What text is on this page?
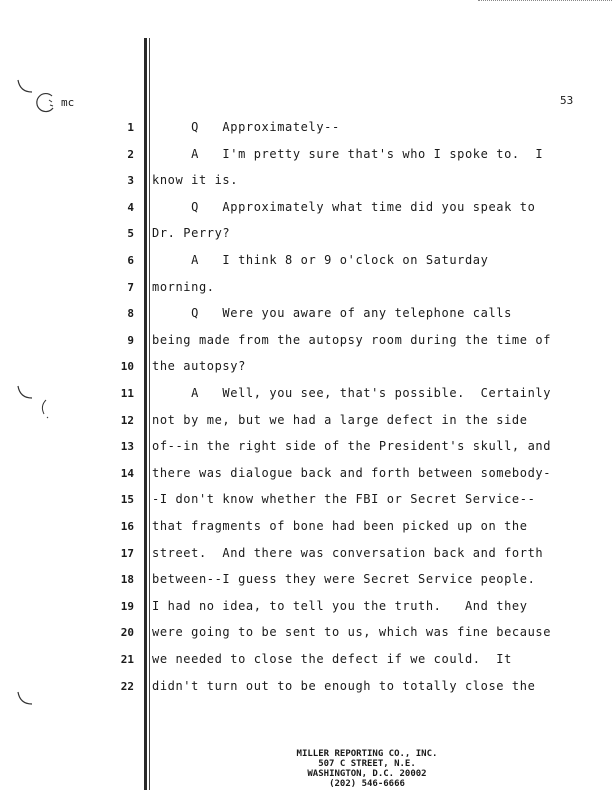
mc	53
1 Q   Approximately--
2 A   I'm pretty sure that's who I spoke to.  I
3 know it is.
4 Q   Approximately what time did you speak to
5 Dr. Perry?
6 A   I think 8 or 9 o'clock on Saturday
7 morning.
8 Q   Were you aware of any telephone calls
9 being made from the autopsy room during the time of
10 the autopsy?
11 A   Well, you see, that's possible.  Certainly
12 not by me, but we had a large defect in the side
13 of--in the right side of the President's skull, and
14 there was dialogue back and forth between somebody-
15 -I don't know whether the FBI or Secret Service--
16 that fragments of bone had been picked up on the
17 street.  And there was conversation back and forth
18 between--I guess they were Secret Service people.
19 I had no idea, to tell you the truth.   And they
20 were going to be sent to us, which was fine because
21 we needed to close the defect if we could.  It
22 didn't turn out to be enough to totally close the
MILLER REPORTING CO., INC.
507 C STREET, N.E.
WASHINGTON, D.C. 20002
(202) 546-6666
